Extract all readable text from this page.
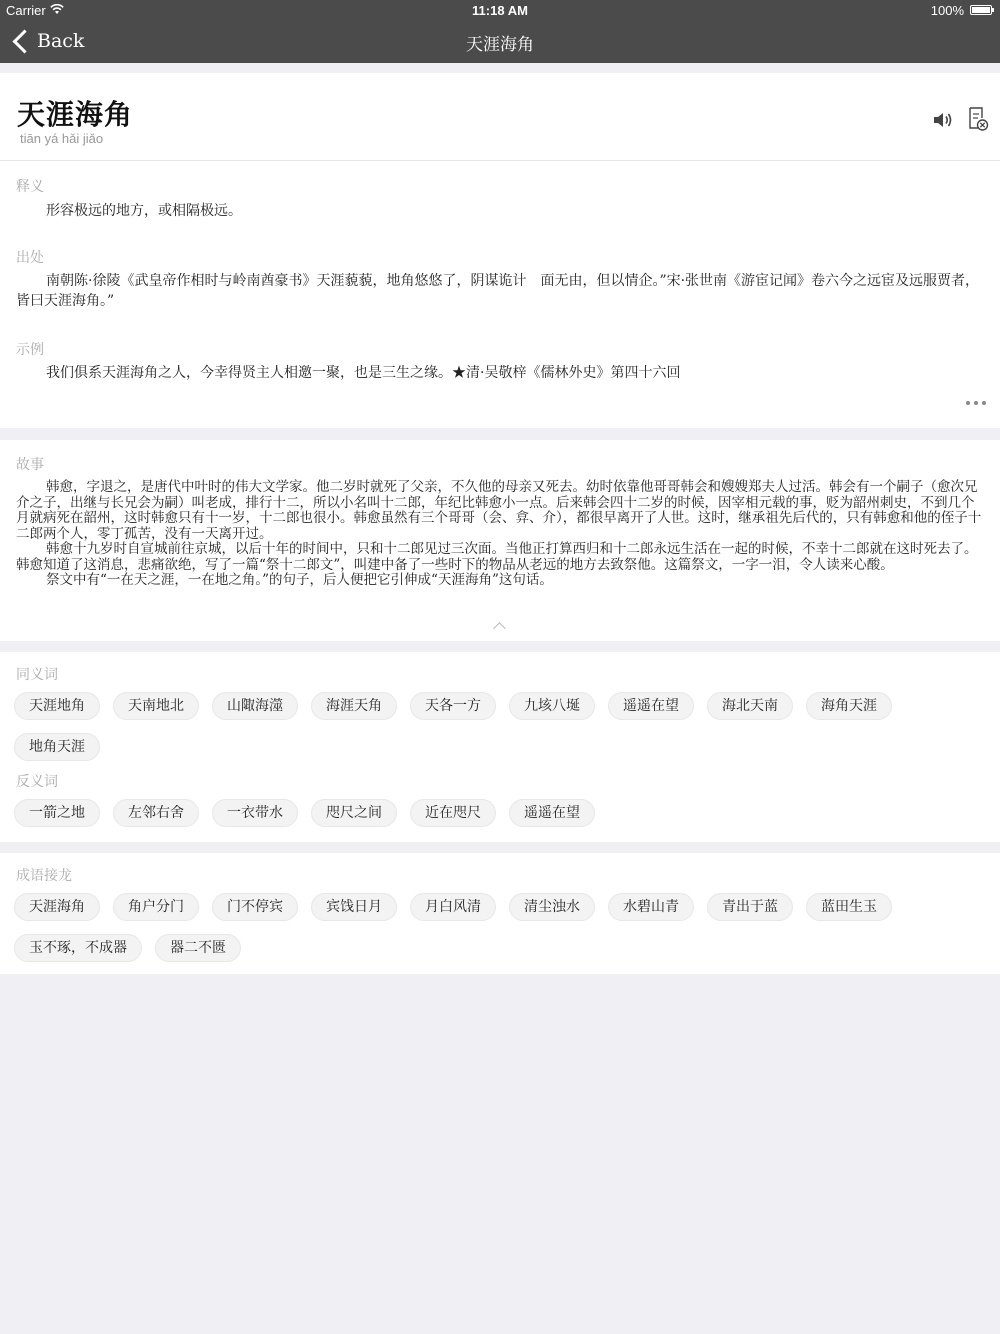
Carrier	11:18 AM	100%
Back	天涯海角
天涯海角
tiān yá hǎi jiǎo
释义
形容极远的地方，或相隔极远。
出处
南朝陈·徐陵《武皇帝作相时与岭南酋豪书》天涯藐藐，地角悠悠了，阴谋诡计　面无由，但以情企。”宋·张世南《游宦记闻》卷六今之远宦及远服贾者，皆曰天涯海角。”
示例
我们俱系天涯海角之人，今幸得贤主人相邀一聚，也是三生之缘。★清·吴敬梓《儒林外史》第四十六回
故事

韩愈，字退之，是唐代中叶时的伟大文学家。他二岁时就死了父亲，不久他的母亲又死去。幼时依靠他哥哥韩会和嫂嫂郑夫人过活。韩会有一个嗣子（愈次兄介之子，出继与长兄会为嗣）叫老成，排行十二，所以小名叫十二郎，年纪比韩愈小一点。后来韩会四十二岁的时候，因宰相元载的事，贬为韶州刺史，不到几个月就病死在韶州，这时韩愈只有十一岁，十二郎也很小。韩愈虽然有三个哥哥（会、弇、介），都很早离开了人世。这时，继承祖先后代的，只有韩愈和他的侄子十二郎两个人，零丁孤苦，没有一天离开过。

韩愈十九岁时自宣城前往京城，以后十年的时间中，只和十二郎见过三次面。当他正打算西归和十二郎永远生活在一起的时候，不幸十二郎就在这时死去了。韩愈知道了这消息，悲痛欲绝，写了一篇“祭十二郎文”，叫建中备了一些时下的物品从老远的地方去致祭他。这篇祭文，一字一泪，令人读来心酸。

祭文中有“一在天之涯，一在地之角。”的句子，后人便把它引伸成“天涯海角”这句话。

同义词
天涯地角	天南地北	山陬海澨	海涯天角	天各一方	九垓八埏	遥遥在望	海北天南	海角天涯
地角天涯
反义词
一箭之地	左邻右舍	一衣带水	咫尺之间	近在咫尺	遥遥在望
成语接龙
天涯海角	角户分门	门不停宾	宾饯日月	月白风清	清尘浊水	水碧山青	青出于蓝	蓝田生玉
玉不琢，不成器	器二不匮
